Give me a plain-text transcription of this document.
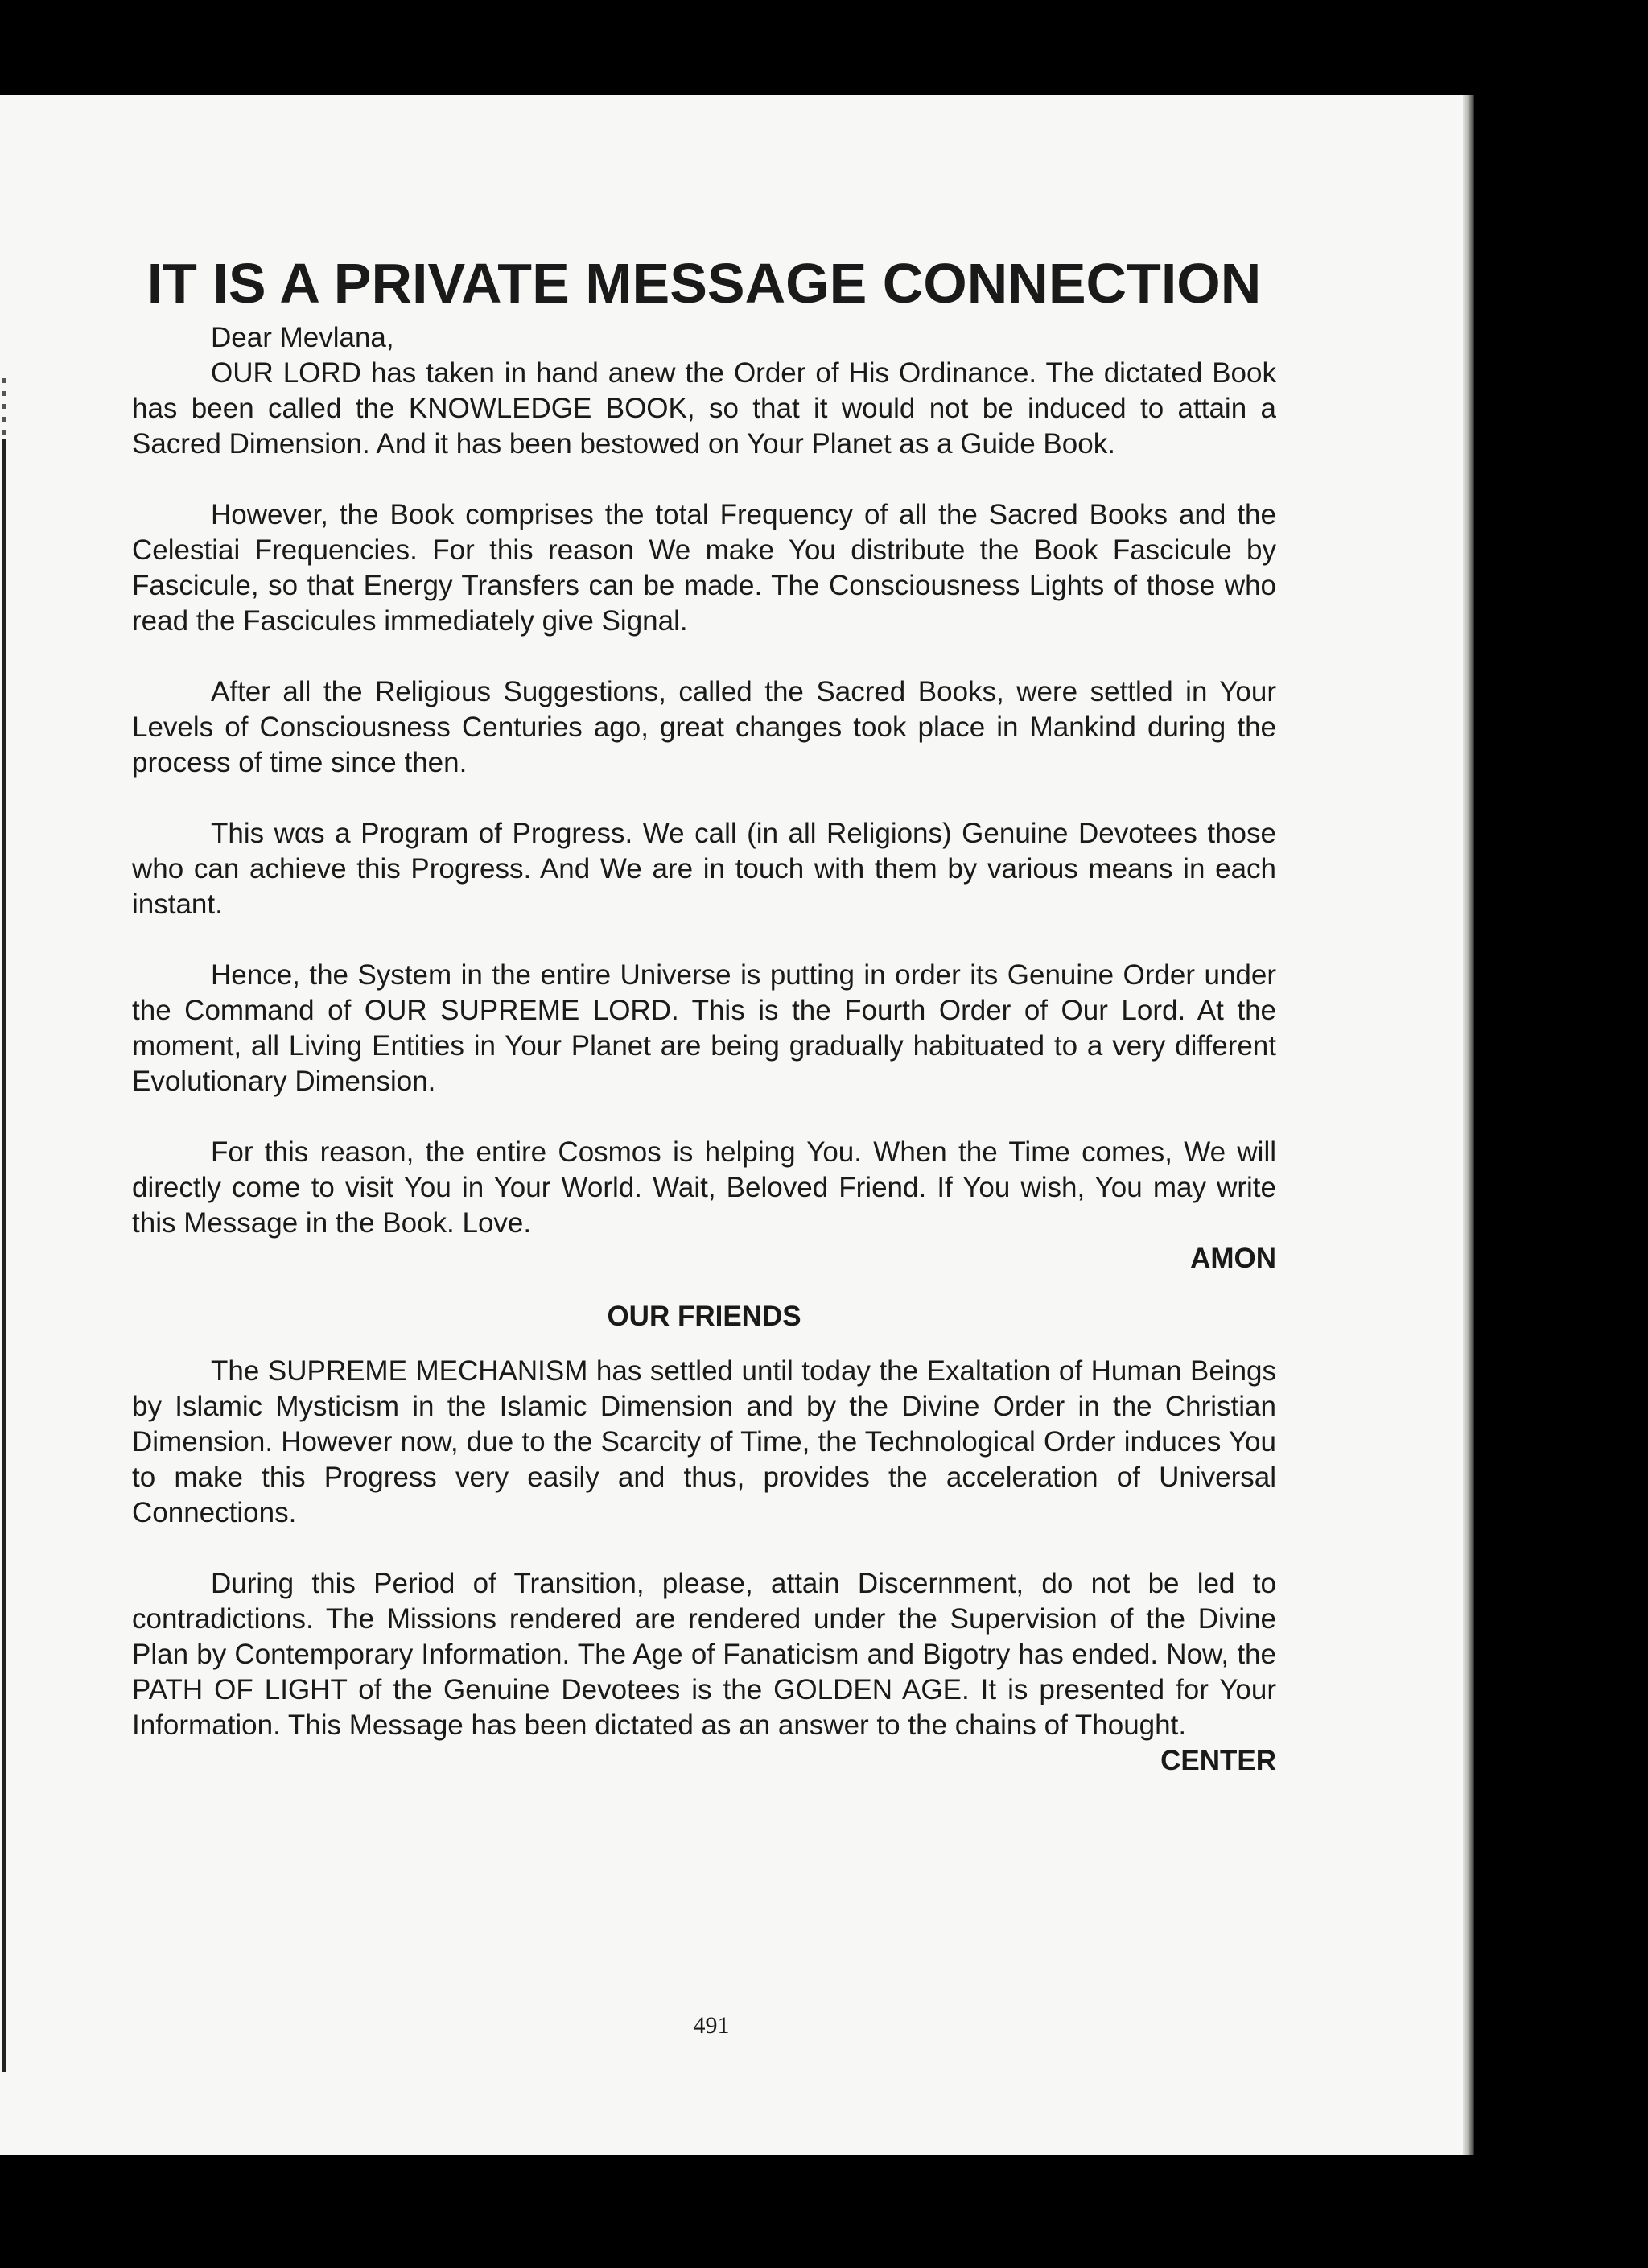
IT IS A PRIVATE MESSAGE CONNECTION

Dear Mevlana,

OUR LORD has taken in hand anew the Order of His Ordinance. The dictated Book has been called the KNOWLEDGE BOOK, so that it would not be induced to attain a Sacred Dimension. And it has been bestowed on Your Planet as a Guide Book.

However, the Book comprises the total Frequency of all the Sacred Books and the Celestiai Frequencies. For this reason We make You distribute the Book Fascicule by Fascicule, so that Energy Transfers can be made. The Consciousness Lights of those who read the Fascicules immediately give Signal.

After all the Religious Suggestions, called the Sacred Books, were settled in Your Levels of Consciousness Centuries ago, great changes took place in Mankind during the process of time since then.

This wαs a Program of Progress. We call (in all Religions) Genuine Devotees those who can achieve this Progress. And We are in touch with them by various means in each instant.

Hence, the System in the entire Universe is putting in order its Genuine Order under the Command of OUR SUPREME LORD. This is the Fourth Order of Our Lord. At the moment, all Living Entities in Your Planet are being gradually habituated to a very different Evolutionary Dimension.

For this reason, the entire Cosmos is helping You. When the Time comes, We will directly come to visit You in Your World. Wait, Beloved Friend. If You wish, You may write this Message in the Book. Love.

AMON

OUR FRIENDS

The SUPREME MECHANISM has settled until today the Exaltation of Human Beings by Islamic Mysticism in the Islamic Dimension and by the Divine Order in the Christian Dimension. However now, due to the Scarcity of Time, the Technological Order induces You to make this Progress very easily and thus, provides the acceleration of Universal Connections.

During this Period of Transition, please, attain Discernment, do not be led to contradictions. The Missions rendered are rendered under the Supervision of the Divine Plan by Contemporary Information. The Age of Fanaticism and Bigotry has ended. Now, the PATH OF LIGHT of the Genuine Devotees is the GOLDEN AGE. It is presented for Your Information. This Message has been dictated as an answer to the chains of Thought.

CENTER

491
